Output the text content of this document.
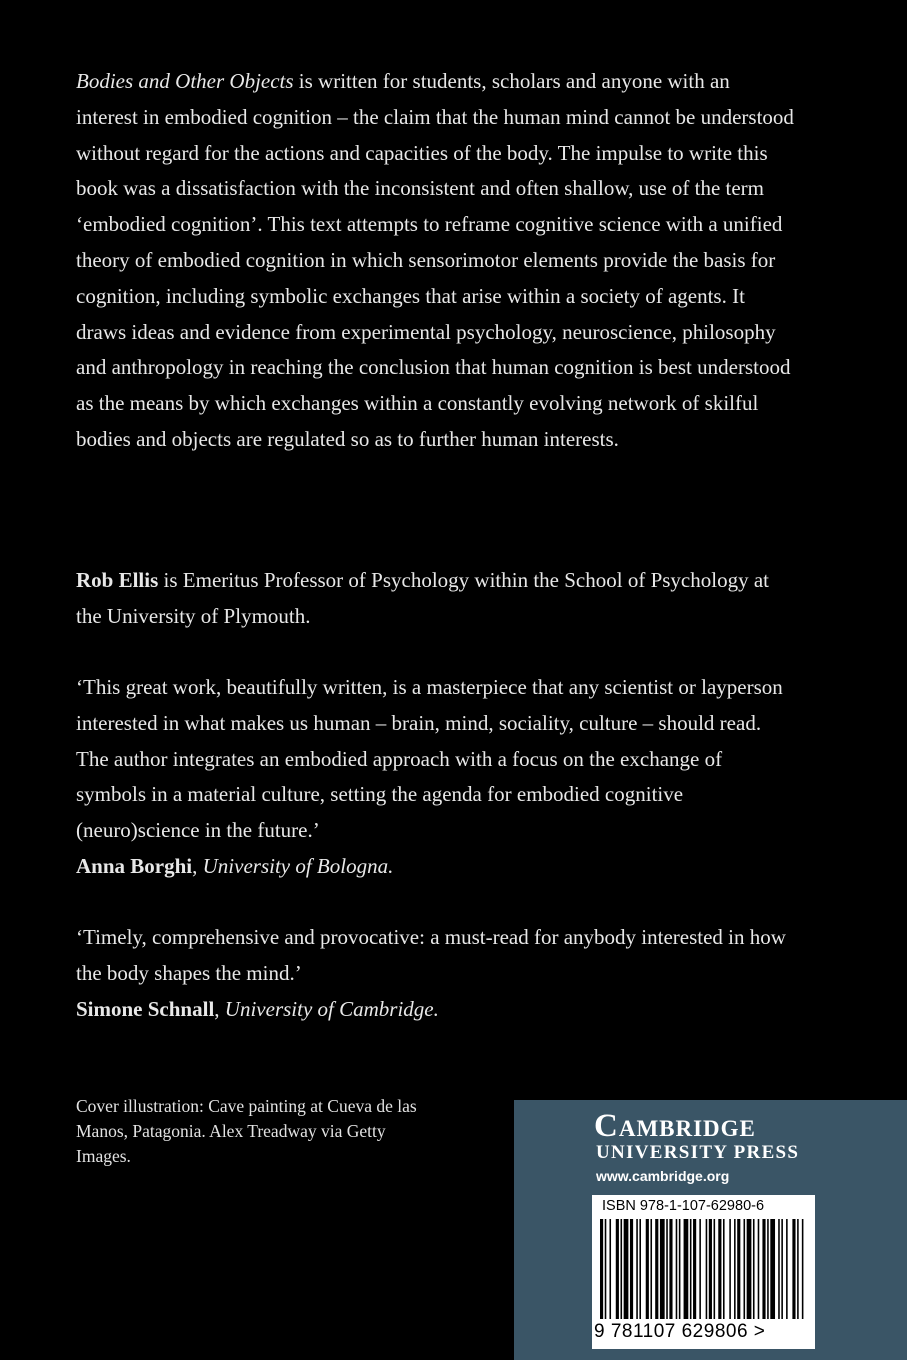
Bodies and Other Objects is written for students, scholars and anyone with an interest in embodied cognition – the claim that the human mind cannot be understood without regard for the actions and capacities of the body. The impulse to write this book was a dissatisfaction with the inconsistent and often shallow, use of the term ‘embodied cognition’. This text attempts to reframe cognitive science with a unified theory of embodied cognition in which sensorimotor elements provide the basis for cognition, including symbolic exchanges that arise within a society of agents. It draws ideas and evidence from experimental psychology, neuroscience, philosophy and anthropology in reaching the conclusion that human cognition is best understood as the means by which exchanges within a constantly evolving network of skilful bodies and objects are regulated so as to further human interests.

Rob Ellis is Emeritus Professor of Psychology within the School of Psychology at the University of Plymouth.

‘This great work, beautifully written, is a masterpiece that any scientist or layperson interested in what makes us human – brain, mind, sociality, culture – should read. The author integrates an embodied approach with a focus on the exchange of symbols in a material culture, setting the agenda for embodied cognitive (neuro)science in the future.’
Anna Borghi, University of Bologna.

‘Timely, comprehensive and provocative: a must-read for anybody interested in how the body shapes the mind.’
Simone Schnall, University of Cambridge.

Cover illustration: Cave painting at Cueva de las Manos, Patagonia. Alex Treadway via Getty Images.
Cambridge
UNIVERSITY PRESS
www.cambridge.org
ISBN 978-1-107-62980-6
9 781107 629806 >
